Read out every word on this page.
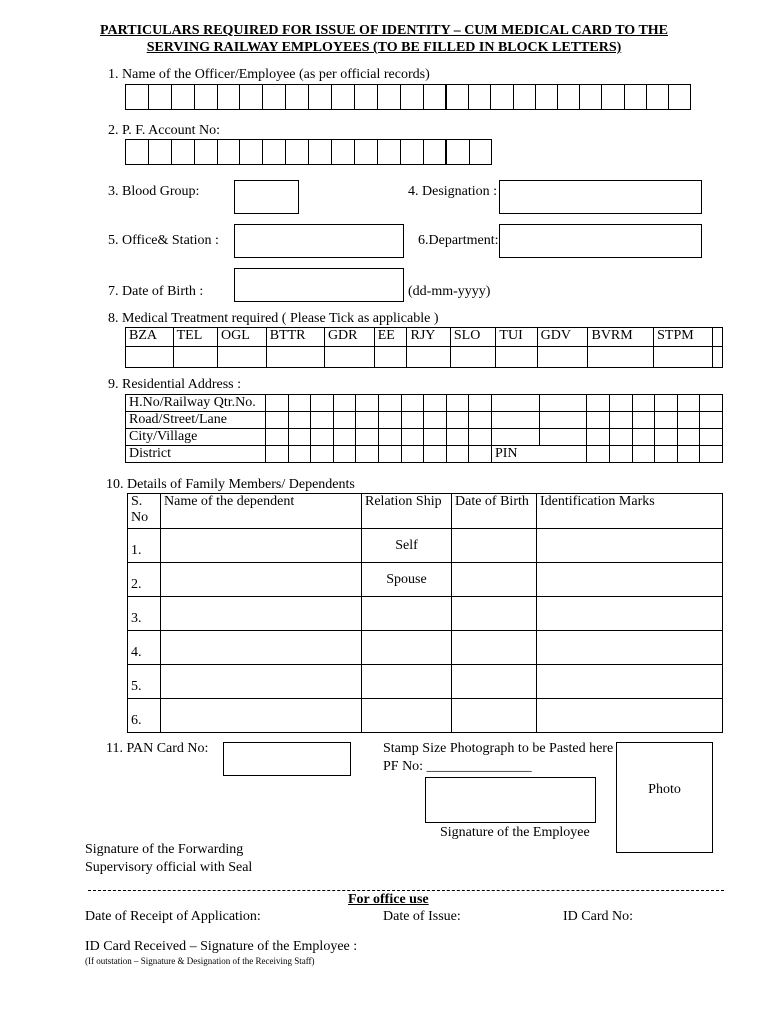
PARTICULARS REQUIRED FOR ISSUE OF IDENTITY – CUM MEDICAL CARD TO THE
SERVING RAILWAY EMPLOYEES (TO BE FILLED IN BLOCK LETTERS)
1. Name of the Officer/Employee (as per official records)
2. P. F. Account No:
3. Blood Group:	4. Designation :
5. Office& Station :	6.Department:
7. Date of Birth :	(dd-mm-yyyy)
8. Medical Treatment required ( Please Tick as applicable )
BZA	TEL	OGL	BTTR	GDR	EE	RJY	SLO	TUI	GDV	BVRM	STPM	

9. Residential Address :
H.No/Railway Qtr.No.																		
Road/Street/Lane																		
City/Village																		
District											PIN							
10. Details of Family Members/ Dependents
S. No	Name of the dependent	Relation Ship	Date of Birth	Identification Marks
1.		Self		
2.		Spouse		
3.				
4.				
5.				
6.				
11. PAN Card No:	Stamp Size Photograph to be Pasted here
PF No: _______________
Photo
Signature of the Employee
Signature of the Forwarding
Supervisory official with Seal
For office use
Date of Receipt of Application:	Date of Issue:	ID Card No:
ID Card Received – Signature of the Employee :
(If outstation – Signature & Designation of the Receiving Staff)
